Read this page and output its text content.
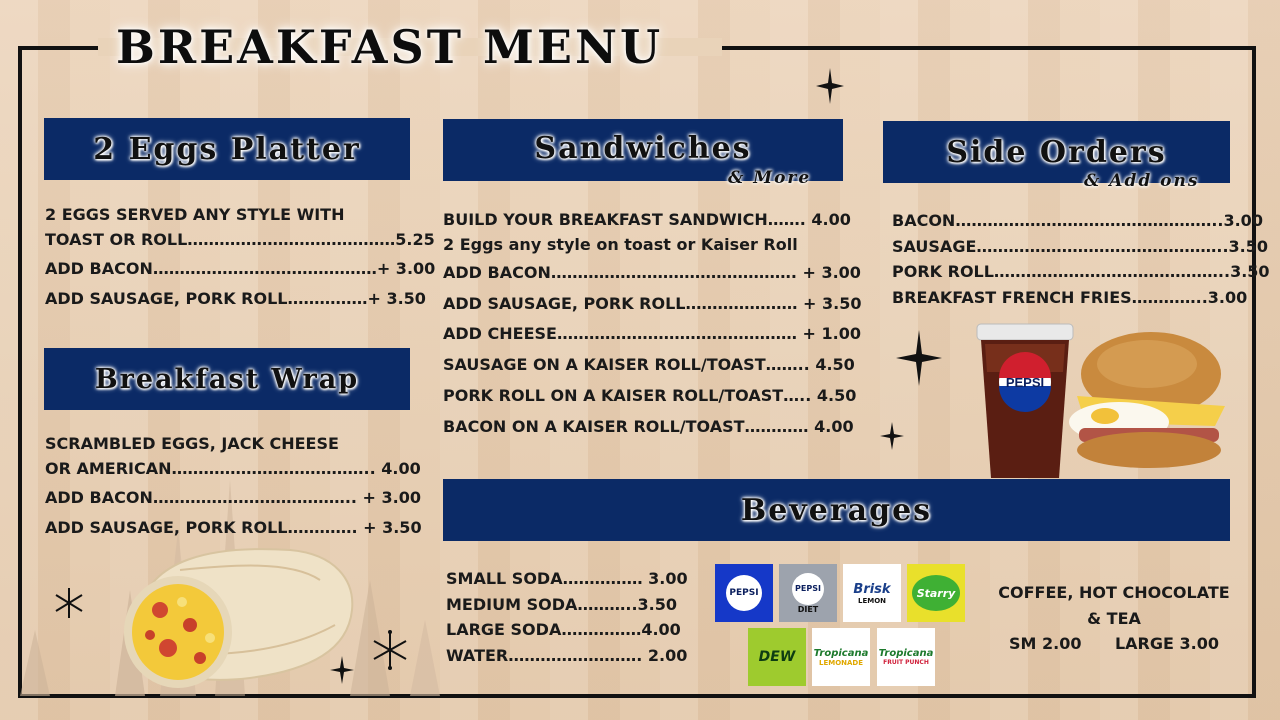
BREAKFAST MENU
2 Eggs Platter
2 EGGS SERVED ANY STYLE WITH
TOAST OR ROLL…………………………………5.25
ADD BACON……………………………………+ 3.00
ADD SAUSAGE, PORK ROLL……………+ 3.50
Breakfast Wrap
SCRAMBLED EGGS, JACK CHEESE
OR AMERICAN……………………………….. 4.00
ADD BACON……………………………….. + 3.00
ADD SAUSAGE, PORK ROLL…………. + 3.50
Sandwiches
& More
BUILD YOUR BREAKFAST SANDWICH……. 4.00
2 Eggs any style on toast or Kaiser Roll
ADD BACON………………………………………. + 3.00
ADD SAUSAGE, PORK ROLL………………… + 3.50
ADD CHEESE……………………………………… + 1.00
SAUSAGE ON A KAISER ROLL/TOAST…….. 4.50
PORK ROLL ON A KAISER ROLL/TOAST….. 4.50
BACON ON A KAISER ROLL/TOAST………… 4.00
Side Orders
& Add ons
BACON…………………………………………..3.00
SAUSAGE………………………………………..3.50
PORK ROLL……………………………………..3.50
BREAKFAST FRENCH FRIES…………..3.00
PEPSI
Beverages
SMALL SODA…………… 3.00
MEDIUM SODA………..3.50
LARGE SODA……………4.00
WATER……………………. 2.00
PEPSI	PEPSI
DIET
Brisk
LEMON
Starry
DEW Tropicana
LEMONADE
Tropicana
FRUIT PUNCH
COFFEE, HOT CHOCOLATE
& TEA
SM 2.00      LARGE 3.00
